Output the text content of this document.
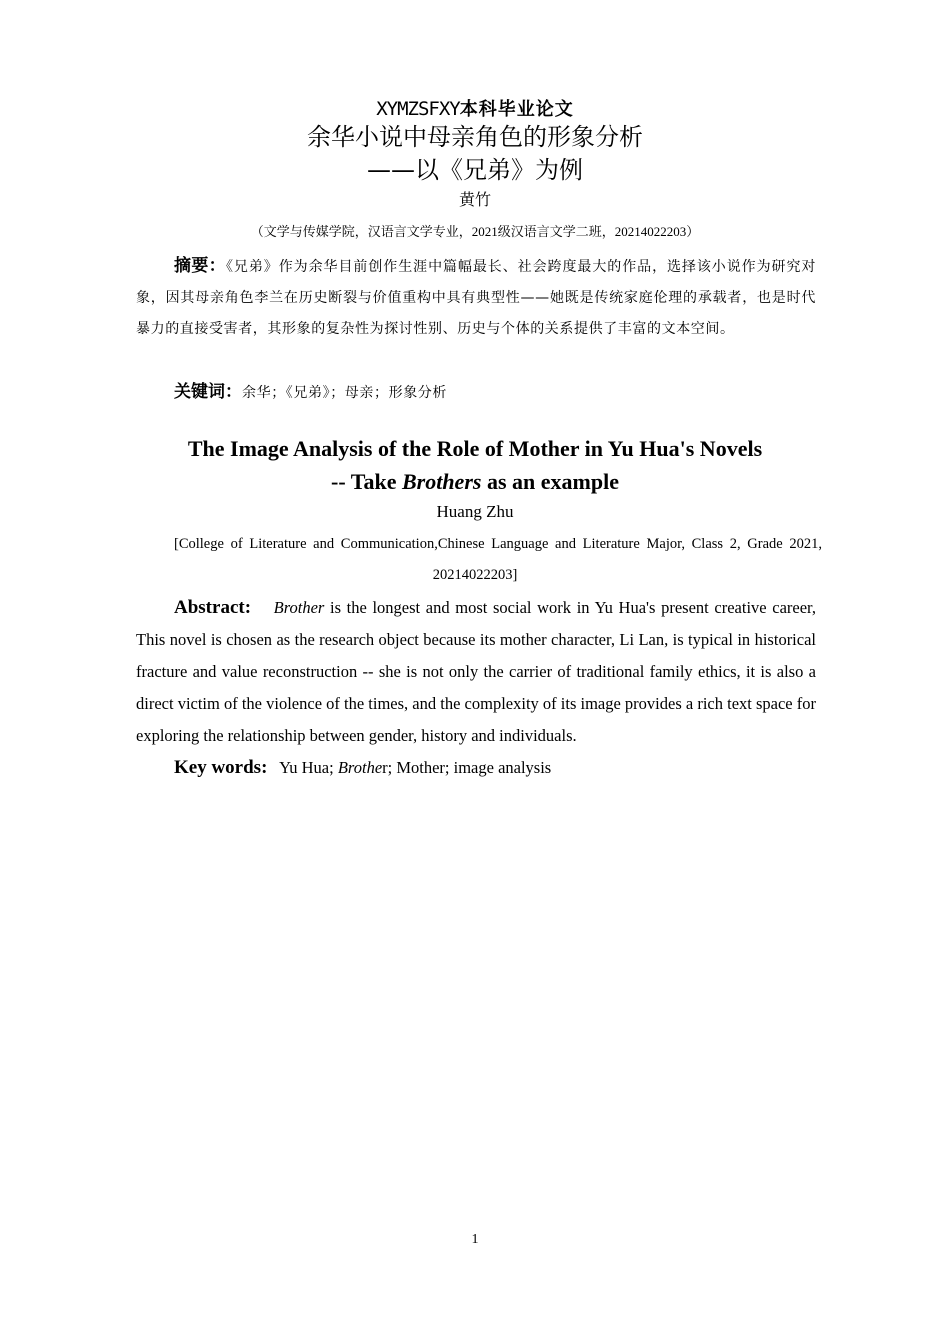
XYMZSFXY本科毕业论文
余华小说中母亲角色的形象分析
——以《兄弟》为例
黄竹
（文学与传媒学院，汉语言文学专业，2021级汉语言文学二班，20214022203）
摘要：《兄弟》作为余华目前创作生涯中篇幅最长、社会跨度最大的作品，选择该小说作为研究对象，因其母亲角色李兰在历史断裂与价值重构中具有典型性——她既是传统家庭伦理的承载者，也是时代暴力的直接受害者，其形象的复杂性为探讨性别、历史与个体的关系提供了丰富的文本空间。
关键词：余华；《兄弟》；母亲；形象分析
The Image Analysis of the Role of Mother in Yu Hua's Novels
-- Take Brothers as an example
Huang Zhu
[College of Literature and Communication,Chinese Language and Literature Major, Class 2, Grade 2021,
20214022203]
Abstract: Brother is the longest and most social work in Yu Hua's present creative career, This novel is chosen as the research object because its mother character, Li Lan, is typical in historical fracture and value reconstruction -- she is not only the carrier of traditional family ethics, it is also a direct victim of the violence of the times, and the complexity of its image provides a rich text space for exploring the relationship between gender, history and individuals.
Key words: Yu Hua; Brother; Mother; image analysis
1
